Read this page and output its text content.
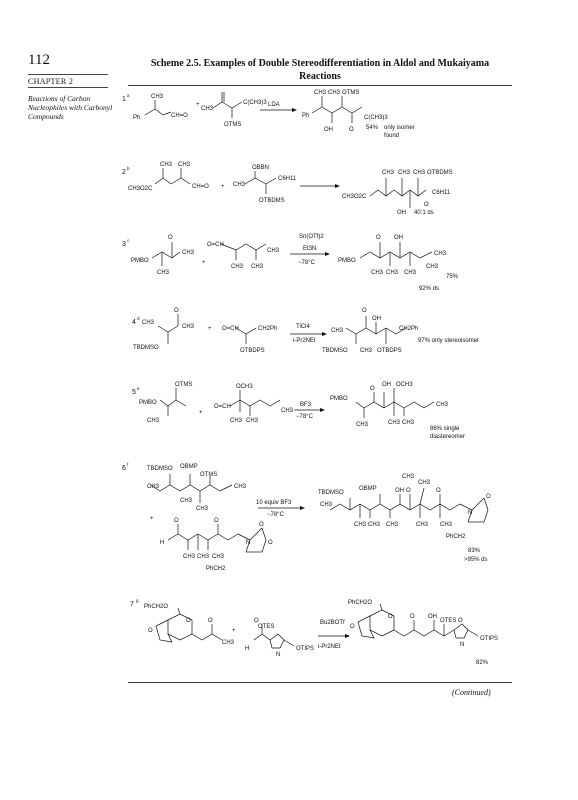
112
CHAPTER 2
Reactions of Carbon Nucleophiles with Carbonyl Compounds
Scheme 2.5. Examples of Double Stereodifferentiation in Aldol and Mukaiyama Reactions
(Continued)
1
a	CH3
Ph	CH=O
+
CH3
C(CH3)3
OTMS
LDA
CH3 CH3 OTMS
Ph
OH	O
C(CH3)3
54% only isomer
found
2
b
CH3 CH3
CH3O2C	CH=O +
OBBN
CH3
C6H11
OTBDMS
CH3 CH3 CH3 OTBDMS
CH3O2C
O
C6H11
OH 40:1 ds
3
c	O
PMBO
CH3
CH3
+
O=CH
CH3
CH3 CH3
Sn(OTf)2
Et3N
−78°C
O OH
PMBO
CH3 CH3 CH3
CH3
CH3
75%
92% ds
4
d
O
CH3
CH3
TBDMSO
+ O=CH	CH2Ph
OTBDPS
TiCl4
i-Pr2NEt
O
OH
CH3	CH2Ph
TBDMSO CH3 OTBDPS
97% only stereoisomer
5
e
OTMS
PMBO
CH3
+
OCH3
O=CH
CH3 CH3
CH3
BF3
−78°C
O
OH OCH3
PMBO
CH3	CH3 CH3
CH3
86% single
diastereomer
6
f
TBDMSO OBMP
OTMS
CH3
CH3
CH3
CH3
+	O	O
O
H	N	O
CH3 CH3 CH3
PhCH2
10 equiv BF3
−78°C
CH3
CH3
TBDMSO
OBMP	OH O	O
CH3
N
O
CH3 CH3 CH3	CH3 CH3
PhCH2
83%
>95% ds
7
g
PhCH2O
O
O
O
CH3
+
OTES
H
O
N
OTIPS
Bu2BOTf
i-Pr2NEt
PhCH2O
O
O
O OH
OTES O
N
OTIPS
82%
